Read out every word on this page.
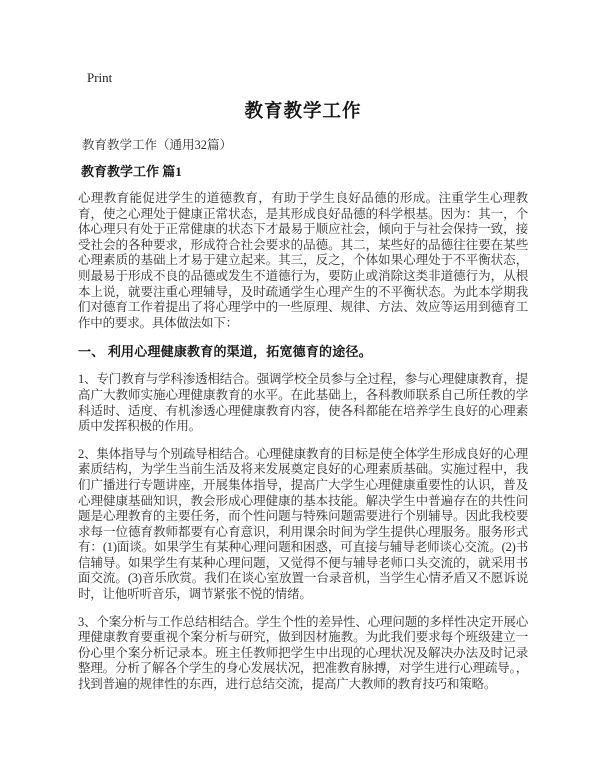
Print
教育教学工作
教育教学工作（通用32篇）
教育教学工作 篇1

心理教育能促进学生的道德教育，有助于学生良好品德的形成。注重学生心理教育，使之心理处于健康正常状态，是其形成良好品德的科学根基。因为：其一，个体心理只有处于正常健康的状态下才最易于顺应社会，倾向于与社会保持一致，接受社会的各种要求，形成符合社会要求的品德。其二，某些好的品德往往要在某些心理素质的基础上才易于建立起来。其三，反之，个体如果心理处于不平衡状态，则最易于形成不良的品德或发生不道德行为，要防止或消除这类非道德行为，从根本上说，就要注重心理辅导，及时疏通学生心理产生的不平衡状态。为此本学期我们对德育工作着提出了将心理学中的一些原理、规律、方法、效应等运用到德育工作中的要求。具体做法如下：

一、 利用心理健康教育的渠道，拓宽德育的途径。

1、专门教育与学科渗透相结合。强调学校全员参与全过程，参与心理健康教育，提高广大教师实施心理健康教育的水平。在此基础上，各科教师联系自己所任教的学科适时、适度、有机渗透心理健康教育内容，使各科都能在培养学生良好的心理素质中发挥积极的作用。

2、集体指导与个别疏导相结合。心理健康教育的目标是使全体学生形成良好的心理素质结构，为学生当前生活及将来发展奠定良好的心理素质基础。实施过程中，我们广播进行专题讲座，开展集体指导，提高广大学生心理健康重要性的认识，普及心理健康基础知识，教会形成心理健康的基本技能。解决学生中普遍存在的共性问题是心理教育的主要任务，而个性问题与特殊问题需要进行个别辅导。因此我校要求每一位德育教师都要有心育意识，利用课余时间为学生提供心理服务。服务形式有：(1)面谈。如果学生有某种心理问题和困惑，可直接与辅导老师谈心交流。(2)书信辅导。如果学生有某种心理问题，又觉得不便与辅导老师口头交流的，就采用书面交流。(3)音乐欣赏。我们在谈心室放置一台录音机，当学生心情矛盾又不愿诉说时，让他听听音乐，调节紧张不悦的情绪。

3、个案分析与工作总结相结合。学生个性的差异性、心理问题的多样性决定开展心理健康教育要重视个案分析与研究，做到因材施教。为此我们要求每个班级建立一份心里个案分析记录本。班主任教师把学生中出现的心理状况及解决办法及时记录整理。分析了解各个学生的身心发展状况，把准教育脉搏，对学生进行心理疏导。，找到普遍的规律性的东西，进行总结交流，提高广大教师的教育技巧和策略。
